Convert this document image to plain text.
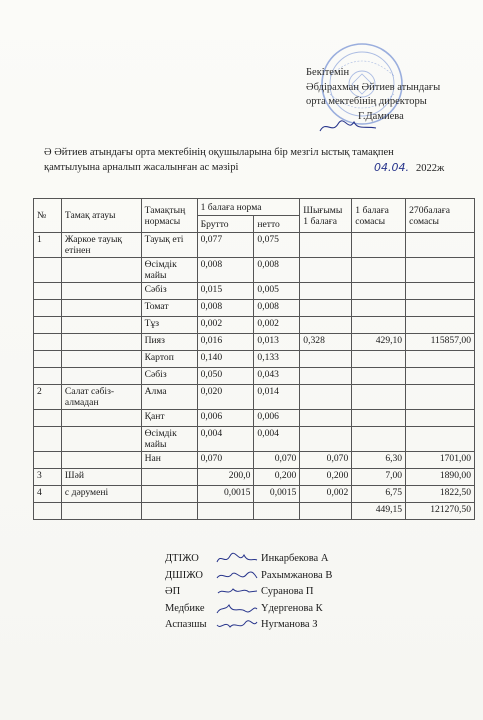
Бекітемін
Әбдірахман Әйтиев атындағы
орта мектебінің директоры
Г.Дамиева
Ә Әйтиев атындағы орта мектебінің оқушыларына бір мезгіл ыстық тамақпен
қамтылуына арналып жасалынған ас мәзірі	04.04. 2022ж
№	Тамақ атауы	Тамақтың нормасы	1 балаға норма		Шығымы 1 балаға	1 балаға сомасы	270балаға сомасы
			Брутто	нетто			
1	Жаркое тауық етінен	Тауық еті	0,077	0,075			
		Өсімдік майы	0,008	0,008			
		Сәбіз	0,015	0,005			
		Томат	0,008	0,008			
		Тұз	0,002	0,002			
		Пияз	0,016	0,013	0,328	429,10	115857,00
		Картоп	0,140	0,133			
		Сәбіз	0,050	0,043			
2	Салат сәбіз-алмадан	Алма	0,020	0,014			
		Қант	0,006	0,006			
		Өсімдік майы	0,004	0,004			
		Нан	0,070	0,070	0,070	6,30	1701,00
3	Шәй		200,0	0,200	0,200	7,00	1890,00
4	с дәрумені		0,0015	0,0015	0,002	6,75	1822,50
						449,15	121270,50
ДТІЖО	Инкарбекова А
ДШІЖО	Рахымжанова В
ӘП	Суранова П
Медбике	Үдергенова К
Аспазшы	Нугманова З
